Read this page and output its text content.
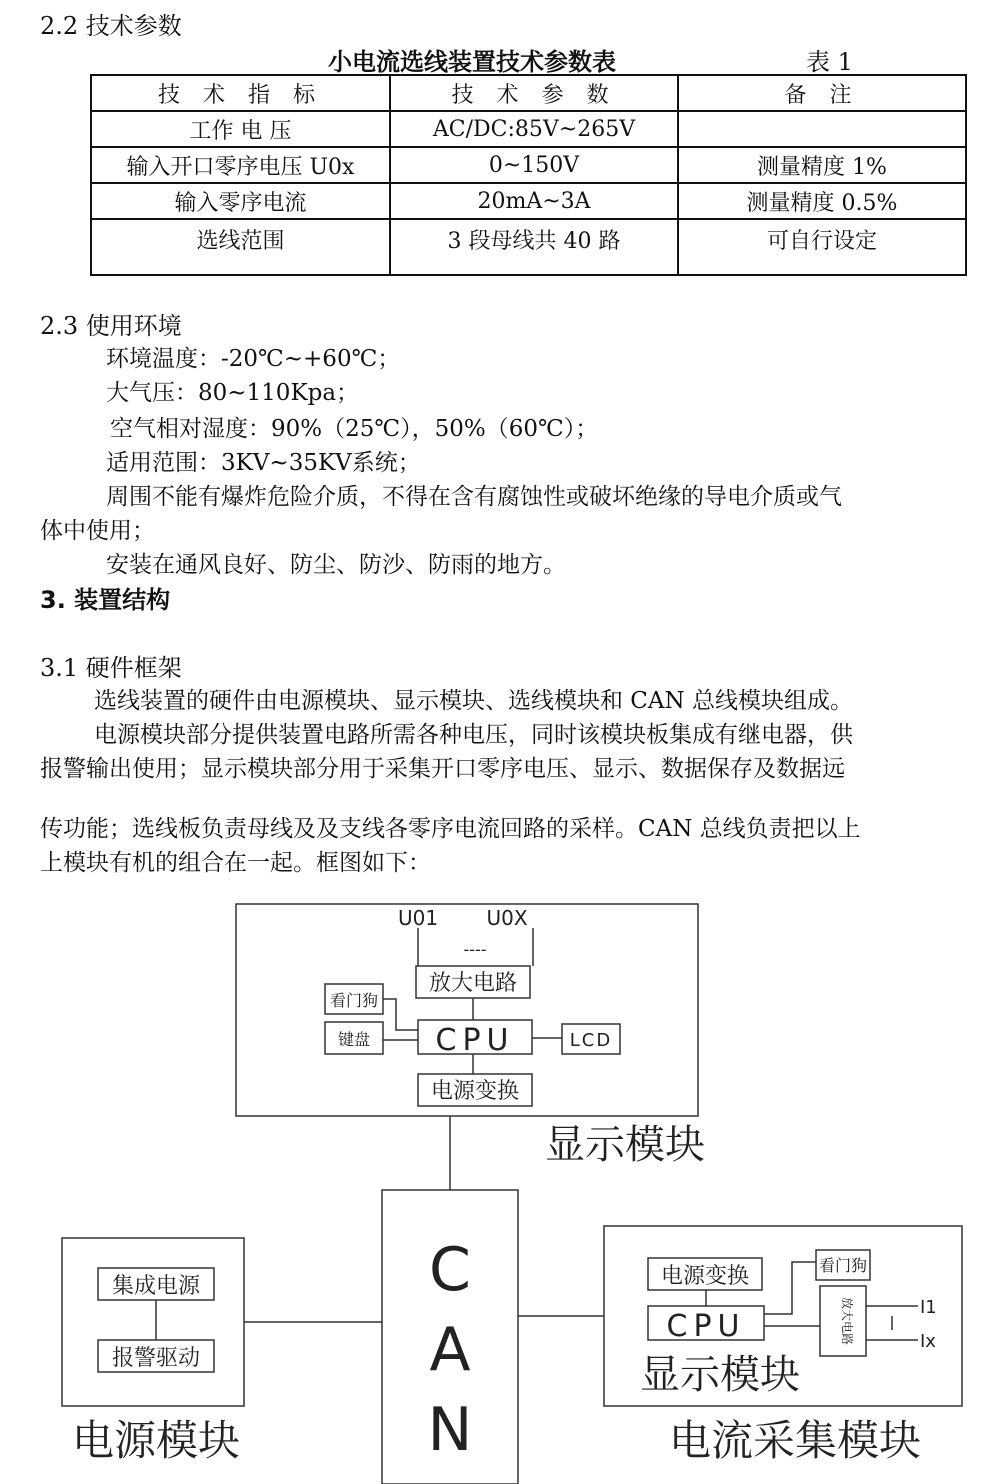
2.2 技术参数
小电流选线装置技术参数表	表 1
技 术 指 标	技 术 参 数	备 注
工作 电 压	AC/DC:85V~265V	
输入开口零序电压 U0x	0~150V	测量精度 1%
输入零序电流	20mA~3A	测量精度 0.5%
选线范围	3 段母线共 40 路	可自行设定
2.3 使用环境
环境温度：-20℃~+60℃；
大气压：80~110Kpa；
空气相对湿度：90%（25℃），50%（60℃）；
适用范围：3KV~35KV系统；
周围不能有爆炸危险介质，不得在含有腐蚀性或破坏绝缘的导电介质或气
体中使用；
安装在通风良好、防尘、防沙、防雨的地方。
3. 装置结构
3.1 硬件框架
选线装置的硬件由电源模块、显示模块、选线模块和 CAN 总线模块组成。
电源模块部分提供装置电路所需各种电压，同时该模块板集成有继电器，供
报警输出使用；显示模块部分用于采集开口零序电压、显示、数据保存及数据远
传功能；选线板负责母线及及支线各零序电流回路的采样。CAN 总线负责把以上
上模块有机的组合在一起。框图如下：
U01 U0X
----
放大电路
看门狗
键盘 CPU	LCD
电源变换
显示模块
C
A
N
集成电源
报警驱动
电源模块
电源变换	看门狗
CPU	放大电路	I1
Ix
显示模块
电流采集模块
